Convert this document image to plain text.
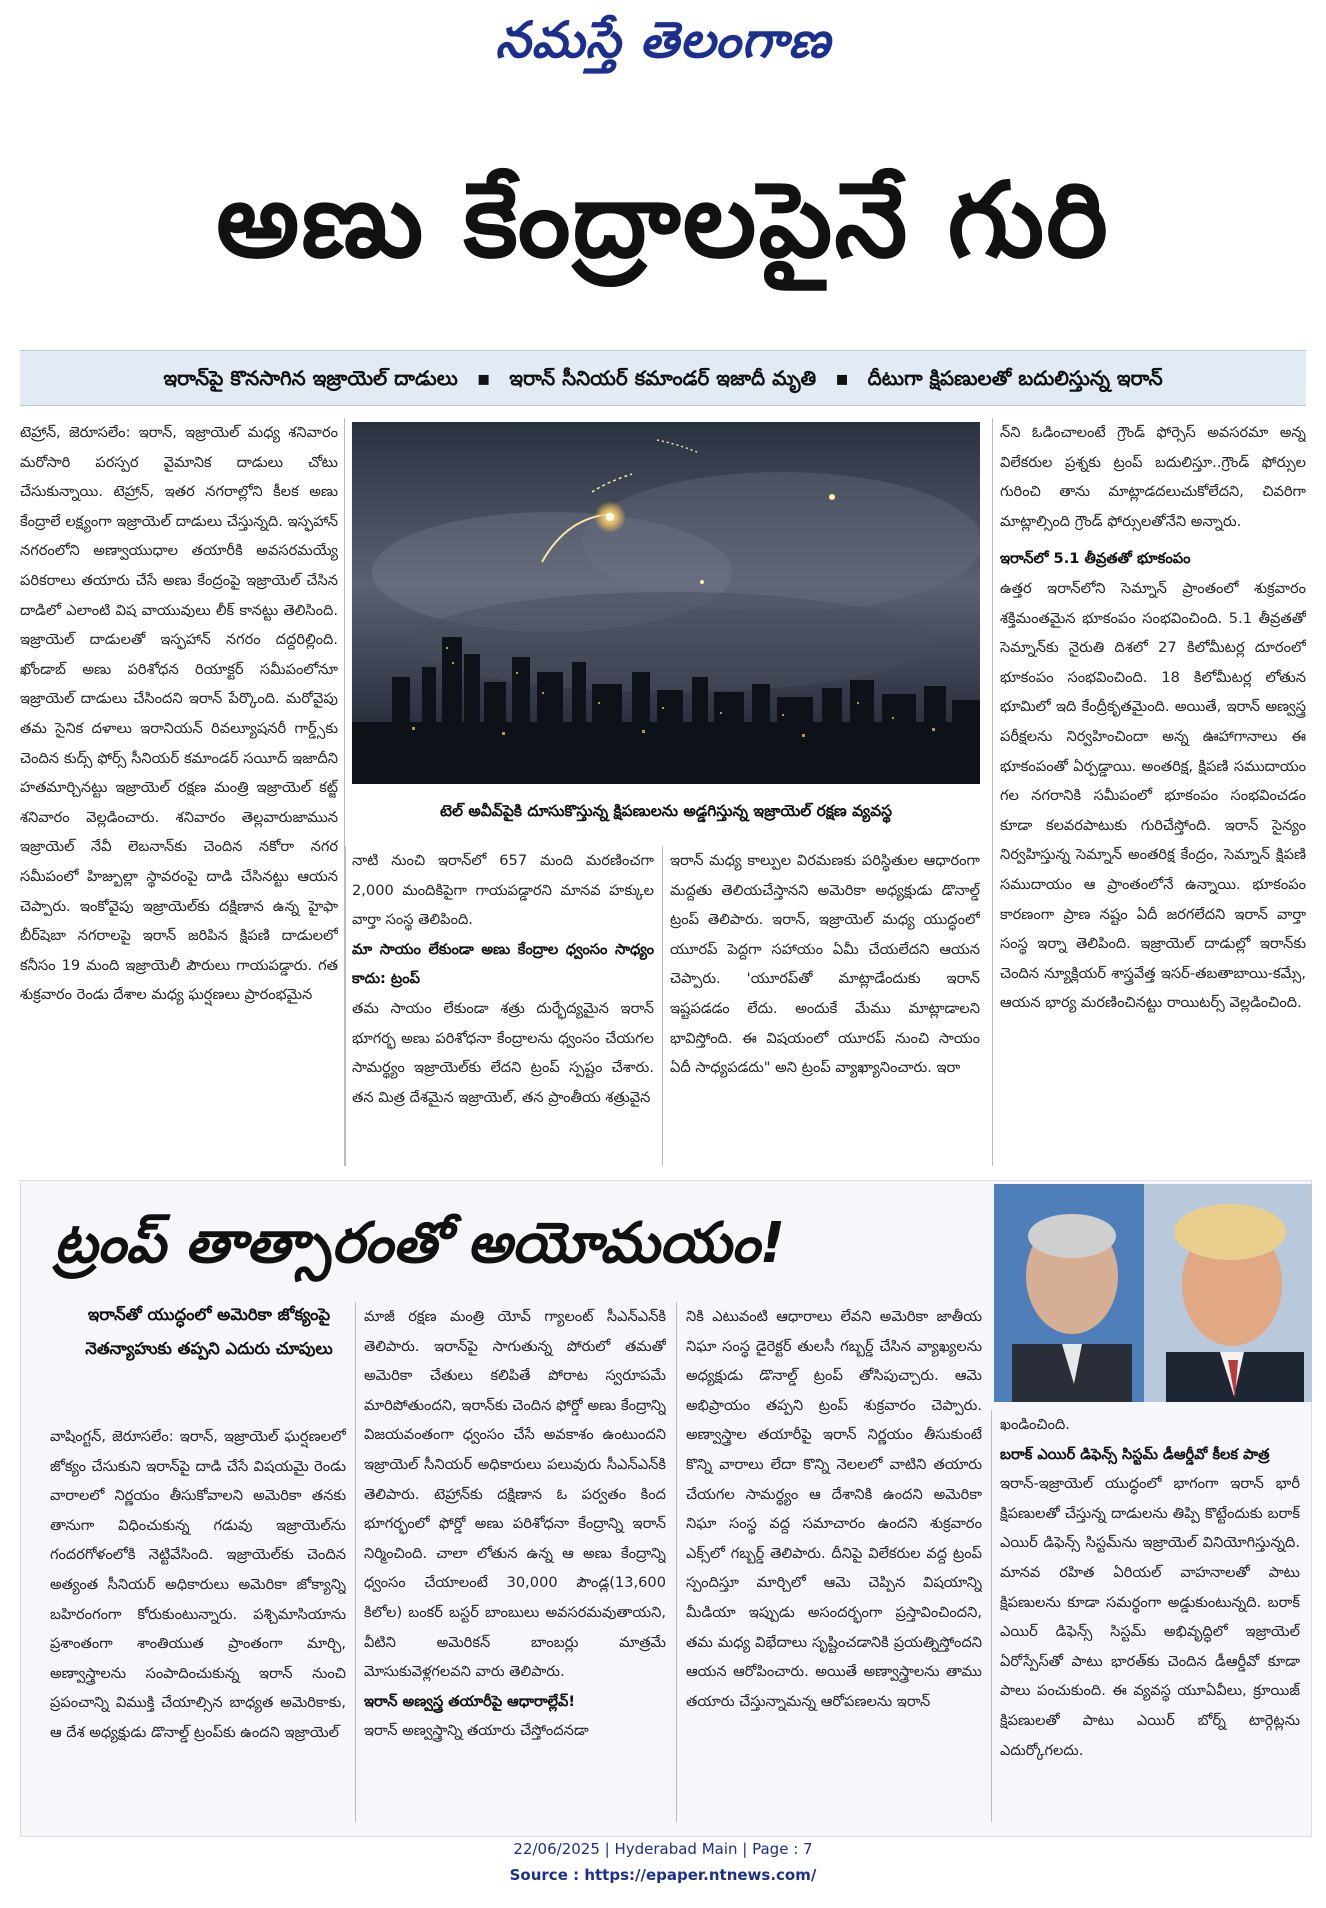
నమస్తే తెలంగాణ
అణు కేంద్రాలపైనే గురి
ఇరాన్‌పై కొనసాగిన ఇజ్రాయెల్ దాడులు ▪ ఇరాన్ సీనియర్ కమాండర్ ఇజాదీ మృతి ▪ దీటుగా క్షిపణులతో బదులిస్తున్న ఇరాన్

టెహ్రాన్, జెరూసలేం: ఇరాన్, ఇజ్రాయెల్ మధ్య శనివారం మరోసారి పరస్పర వైమానిక దాడులు చోటు చేసుకున్నాయి. టెహ్రాన్, ఇతర నగరాల్లోని కీలక అణు కేంద్రాలే లక్ష్యంగా ఇజ్రాయెల్ దాడులు చేస్తున్నది. ఇస్ఫహాన్ నగరంలోని అణ్వాయుధాల తయారీకి అవసరమయ్యే పరికరాలు తయారు చేసే అణు కేంద్రంపై ఇజ్రాయెల్ చేసిన దాడిలో ఎలాంటి విష వాయువులు లీక్ కానట్టు తెలిసింది. ఇజ్రాయెల్ దాడులతో ఇస్ఫహాన్ నగరం దద్దరిల్లింది. ఖోండాబ్ అణు పరిశోధన రియాక్టర్ సమీపంలోనూ ఇజ్రాయెల్ దాడులు చేసిందని ఇరాన్ పేర్కొంది. మరోవైపు తమ సైనిక దళాలు ఇరానియన్ రివల్యూషనరీ గార్డ్స్‌కు చెందిన కుద్స్ ఫోర్స్ సీనియర్ కమాండర్ సయీద్ ఇజాదీని హతమార్చినట్టు ఇజ్రాయెల్ రక్షణ మంత్రి ఇజ్రాయెల్ కట్జ్ శనివారం వెల్లడించారు. శనివారం తెల్లవారుజామున ఇజ్రాయెల్ నేవీ లెబనాన్‌కు చెందిన నకోరా నగర సమీపంలో హిజ్బుల్లా స్థావరంపై దాడి చేసినట్టు ఆయన చెప్పారు. ఇంకోవైపు ఇజ్రాయెల్‌కు దక్షిణాన ఉన్న హైఫా బీర్‌షెబా నగరాలపై ఇరాన్ జరిపిన క్షిపణి దాడులలో కనీసం 19 మంది ఇజ్రాయెలీ పౌరులు గాయపడ్డారు. గత శుక్రవారం రెండు దేశాల మధ్య ఘర్షణలు ప్రారంభమైన

టెల్ అవీవ్‌పైకి దూసుకొస్తున్న క్షిపణులను అడ్డగిస్తున్న ఇజ్రాయెల్ రక్షణ వ్యవస్థ

నాటి నుంచి ఇరాన్‌లో 657 మంది మరణించగా 2,000 మందికిపైగా గాయపడ్డారని మానవ హక్కుల వార్తా సంస్థ తెలిపింది.

మా సాయం లేకుండా అణు కేంద్రాల ధ్వంసం సాధ్యం కాదు: ట్రంప్

తమ సాయం లేకుండా శత్రు దుర్భేద్యమైన ఇరాన్ భూగర్భ అణు పరిశోధనా కేంద్రాలను ధ్వంసం చేయగల సామర్థ్యం ఇజ్రాయెల్‌కు లేదని ట్రంప్ స్పష్టం చేశారు. తన మిత్ర దేశమైన ఇజ్రాయెల్, తన ప్రాంతీయ శత్రువైన

ఇరాన్ మధ్య కాల్పుల విరమణకు పరిస్థితుల ఆధారంగా మద్దతు తెలియచేస్తానని అమెరికా అధ్యక్షుడు డొనాల్డ్ ట్రంప్ తెలిపారు. ఇరాన్, ఇజ్రాయెల్ మధ్య యుద్ధంలో యూరప్ పెద్దగా సహాయం ఏమీ చేయలేదని ఆయన చెప్పారు. 'యూరప్‌తో మాట్లాడేందుకు ఇరాన్ ఇష్టపడడం లేదు. అందుకే మేము మాట్లాడాలని భావిస్తోంది. ఈ విషయంలో యూరప్ నుంచి సాయం ఏదీ సాధ్యపడదు" అని ట్రంప్ వ్యాఖ్యానించారు. ఇరా

న్‌ని ఓడించాలంటే గ్రౌండ్ ఫోర్సెస్ అవసరమా అన్న విలేకరుల ప్రశ్నకు ట్రంప్ బదులిస్తూ..గ్రౌండ్ ఫోర్సుల గురించి తాను మాట్లాడదలుచుకోలేదని, చివరిగా మాట్లాల్సింది గ్రౌండ్ ఫోర్సులతోనేని అన్నారు.

ఇరాన్‌లో 5.1 తీవ్రతతో భూకంపం

ఉత్తర ఇరాన్‌లోని సెమ్నాన్ ప్రాంతంలో శుక్రవారం శక్తిమంతమైన భూకంపం సంభవించింది. 5.1 తీవ్రతతో సెమ్నాన్‌కు నైరుతి దిశలో 27 కిలోమీటర్ల దూరంలో భూకంపం సంభవించింది. 18 కిలోమీటర్ల లోతున భూమిలో ఇది కేంద్రీకృతమైంది. అయితే, ఇరాన్ అణ్వస్త్ర పరీక్షలను నిర్వహించిందా అన్న ఊహాగానాలు ఈ భూకంపంతో ఏర్పడ్డాయి. అంతరిక్ష, క్షిపణి సముదాయం గల నగరానికి సమీపంలో భూకంపం సంభవించడం కూడా కలవరపాటుకు గురిచేస్తోంది. ఇరాన్ సైన్యం నిర్వహిస్తున్న సెమ్నాన్ అంతరిక్ష కేంద్రం, సెమ్నాన్ క్షిపణి సముదాయం ఆ ప్రాంతంలోనే ఉన్నాయి. భూకంపం కారణంగా ప్రాణ నష్టం ఏదీ జరగలేదని ఇరాన్ వార్తా సంస్థ ఇర్నా తెలిపింది. ఇజ్రాయెల్ దాడుల్లో ఇరాన్‌కు చెందిన న్యూక్లియర్ శాస్త్రవేత్త ఇసర్-తబతాబాయి-కమ్సే, ఆయన భార్య మరణించినట్టు రాయిటర్స్ వెల్లడించింది.

ట్రంప్ తాత్సారంతో అయోమయం!
ఇరాన్‌తో యుద్ధంలో అమెరికా జోక్యంపై నెతన్యాహుకు తప్పని ఎదురు చూపులు

వాషింగ్టన్, జెరూసలేం: ఇరాన్, ఇజ్రాయెల్ ఘర్షణలలో జోక్యం చేసుకుని ఇరాన్‌పై దాడి చేసే విషయమై రెండు వారాలలో నిర్ణయం తీసుకోవాలని అమెరికా తనకు తానుగా విధించుకున్న గడువు ఇజ్రాయెల్‌ను గందరగోళంలోకి నెట్టివేసింది. ఇజ్రాయెల్‌కు చెందిన అత్యంత సీనియర్ అధికారులు అమెరికా జోక్యాన్ని బహిరంగంగా కోరుకుంటున్నారు. పశ్చిమాసియాను ప్రశాంతంగా శాంతియుత ప్రాంతంగా మార్చి, అణ్వాస్త్రాలను సంపాదించుకున్న ఇరాన్ నుంచి ప్రపంచాన్ని విముక్తి చేయాల్సిన బాధ్యత అమెరికాకు, ఆ దేశ అధ్యక్షుడు డొనాల్డ్ ట్రంప్‌కు ఉందని ఇజ్రాయెల్

మాజీ రక్షణ మంత్రి యోవ్ గ్యాలంట్ సీఎన్ఎన్‌కి తెలిపారు. ఇరాన్‌పై సాగుతున్న పోరులో తమతో అమెరికా చేతులు కలిపితే పోరాట స్వరూపమే మారిపోతుందని, ఇరాన్‌కు చెందిన ఫోర్డో అణు కేంద్రాన్ని విజయవంతంగా ధ్వంసం చేసే అవకాశం ఉంటుందని ఇజ్రాయెల్ సీనియర్ అధికారులు పలువురు సీఎన్ఎన్‌కి తెలిపారు. టెహ్రాన్‌కు దక్షిణాన ఓ పర్వతం కింద భూగర్భంలో ఫోర్డో అణు పరిశోధనా కేంద్రాన్ని ఇరాన్ నిర్మించింది. చాలా లోతున ఉన్న ఆ అణు కేంద్రాన్ని ధ్వంసం చేయాలంటే 30,000 పౌండ్ల(13,600 కిలోల) బంకర్ బస్టర్ బాంబులు అవసరమవుతాయని, వీటిని అమెరికన్ బాంబర్లు మాత్రమే మోసుకువెళ్లగలవని వారు తెలిపారు.

ఇరాన్ అణ్వస్త్ర తయారీపై ఆధారాల్లేవ్!

ఇరాన్ అణ్వస్త్రాన్ని తయారు చేస్తోందనడా

నికి ఎటువంటి ఆధారాలు లేవని అమెరికా జాతీయ నిఘా సంస్థ డైరెక్టర్ తులసీ గబ్బర్డ్ చేసిన వ్యాఖ్యలను అధ్యక్షుడు డొనాల్డ్ ట్రంప్ తోసిపుచ్చారు. ఆమె అభిప్రాయం తప్పని ట్రంప్ శుక్రవారం చెప్పారు. అణ్వాస్త్రాల తయారీపై ఇరాన్ నిర్ణయం తీసుకుంటే కొన్ని వారాలు లేదా కొన్ని నెలలలో వాటిని తయారు చేయగల సామర్థ్యం ఆ దేశానికి ఉందని అమెరికా నిఘా సంస్థ వద్ద సమాచారం ఉందని శుక్రవారం ఎక్స్‌లో గబ్బర్డ్ తెలిపారు. దీనిపై విలేకరుల వద్ద ట్రంప్ స్పందిస్తూ మార్చిలో ఆమె చెప్పిన విషయాన్ని మీడియా ఇప్పుడు అసందర్భంగా ప్రస్తావించిందని, తమ మధ్య విభేదాలు సృష్టించడానికి ప్రయత్నిస్తోందని ఆయన ఆరోపించారు. అయితే అణ్వాస్త్రాలను తాము తయారు చేస్తున్నామన్న ఆరోపణలను ఇరాన్

ఖండించింది.

బరాక్ ఎయిర్ డిఫెన్స్ సిస్టమ్ డీఆర్డీవో కీలక పాత్ర

ఇరాన్-ఇజ్రాయెల్ యుద్ధంలో భాగంగా ఇరాన్ భారీ క్షిపణులతో చేస్తున్న దాడులను తిప్పి కొట్టేందుకు బరాక్ ఎయిర్ డిఫెన్స్ సిస్టమ్‌ను ఇజ్రాయెల్ వినియోగిస్తున్నది. మానవ రహిత ఏరియల్ వాహనాలతో పాటు క్షిపణులను కూడా సమర్థంగా అడ్డుకుంటున్నది. బరాక్ ఎయిర్ డిఫెన్స్ సిస్టమ్ అభివృద్ధిలో ఇజ్రాయెల్ ఏరోస్పేస్‌తో పాటు భారత్‌కు చెందిన డీఆర్డీవో కూడా పాలు పంచుకుంది. ఈ వ్యవస్థ యూఏవీలు, క్రూయిజ్ క్షిపణులతో పాటు ఎయిర్ బోర్న్ టార్గెట్లను ఎదుర్కోగలదు.

22/06/2025 | Hyderabad Main | Page : 7
Source : https://epaper.ntnews.com/
